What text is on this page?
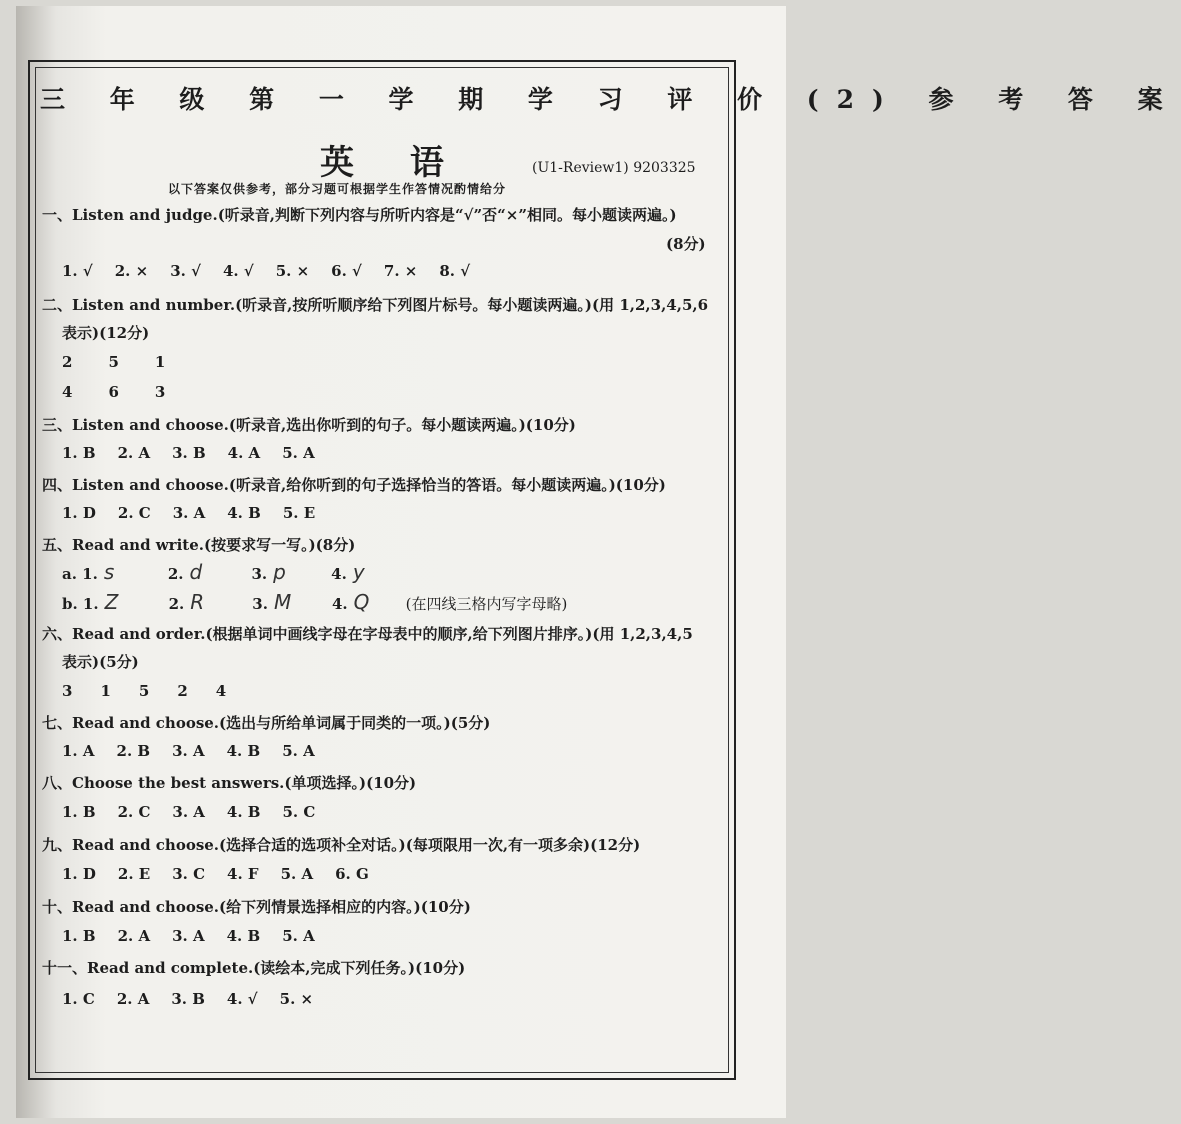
三 年 级 第 一 学 期 学 习 评 价 (2) 参 考 答 案
英 语	(U1-Review1) 9203325
以下答案仅供参考，部分习题可根据学生作答情况酌情给分
一、Listen and judge.(听录音,判断下列内容与所听内容是“√”否“×”相同。每小题读两遍。)
(8分)
1. √ 2. × 3. √ 4. √ 5. × 6. √ 7. × 8. √
二、Listen and number.(听录音,按所听顺序给下列图片标号。每小题读两遍。)(用 1,2,3,4,5,6
表示)(12分)
2 5 1
4 6 3
三、Listen and choose.(听录音,选出你听到的句子。每小题读两遍。)(10分)
1. B 2. A 3. B 4. A 5. A
四、Listen and choose.(听录音,给你听到的句子选择恰当的答语。每小题读两遍。)(10分)
1. D 2. C 3. A 4. B 5. E
五、Read and write.(按要求写一写。)(8分)
a. 1. s	2. d	3. p	4. y
b. 1. Z	2. R	3. M	4. Q (在四线三格内写字母略)
六、Read and order.(根据单词中画线字母在字母表中的顺序,给下列图片排序。)(用 1,2,3,4,5
表示)(5分)
3 1 5 2 4
七、Read and choose.(选出与所给单词属于同类的一项。)(5分)
1. A 2. B 3. A 4. B 5. A
八、Choose the best answers.(单项选择。)(10分)
1. B 2. C 3. A 4. B 5. C
九、Read and choose.(选择合适的选项补全对话。)(每项限用一次,有一项多余)(12分)
1. D 2. E 3. C 4. F 5. A 6. G
十、Read and choose.(给下列情景选择相应的内容。)(10分)
1. B 2. A 3. A 4. B 5. A
十一、Read and complete.(读绘本,完成下列任务。)(10分)
1. C 2. A 3. B 4. √ 5. ×
